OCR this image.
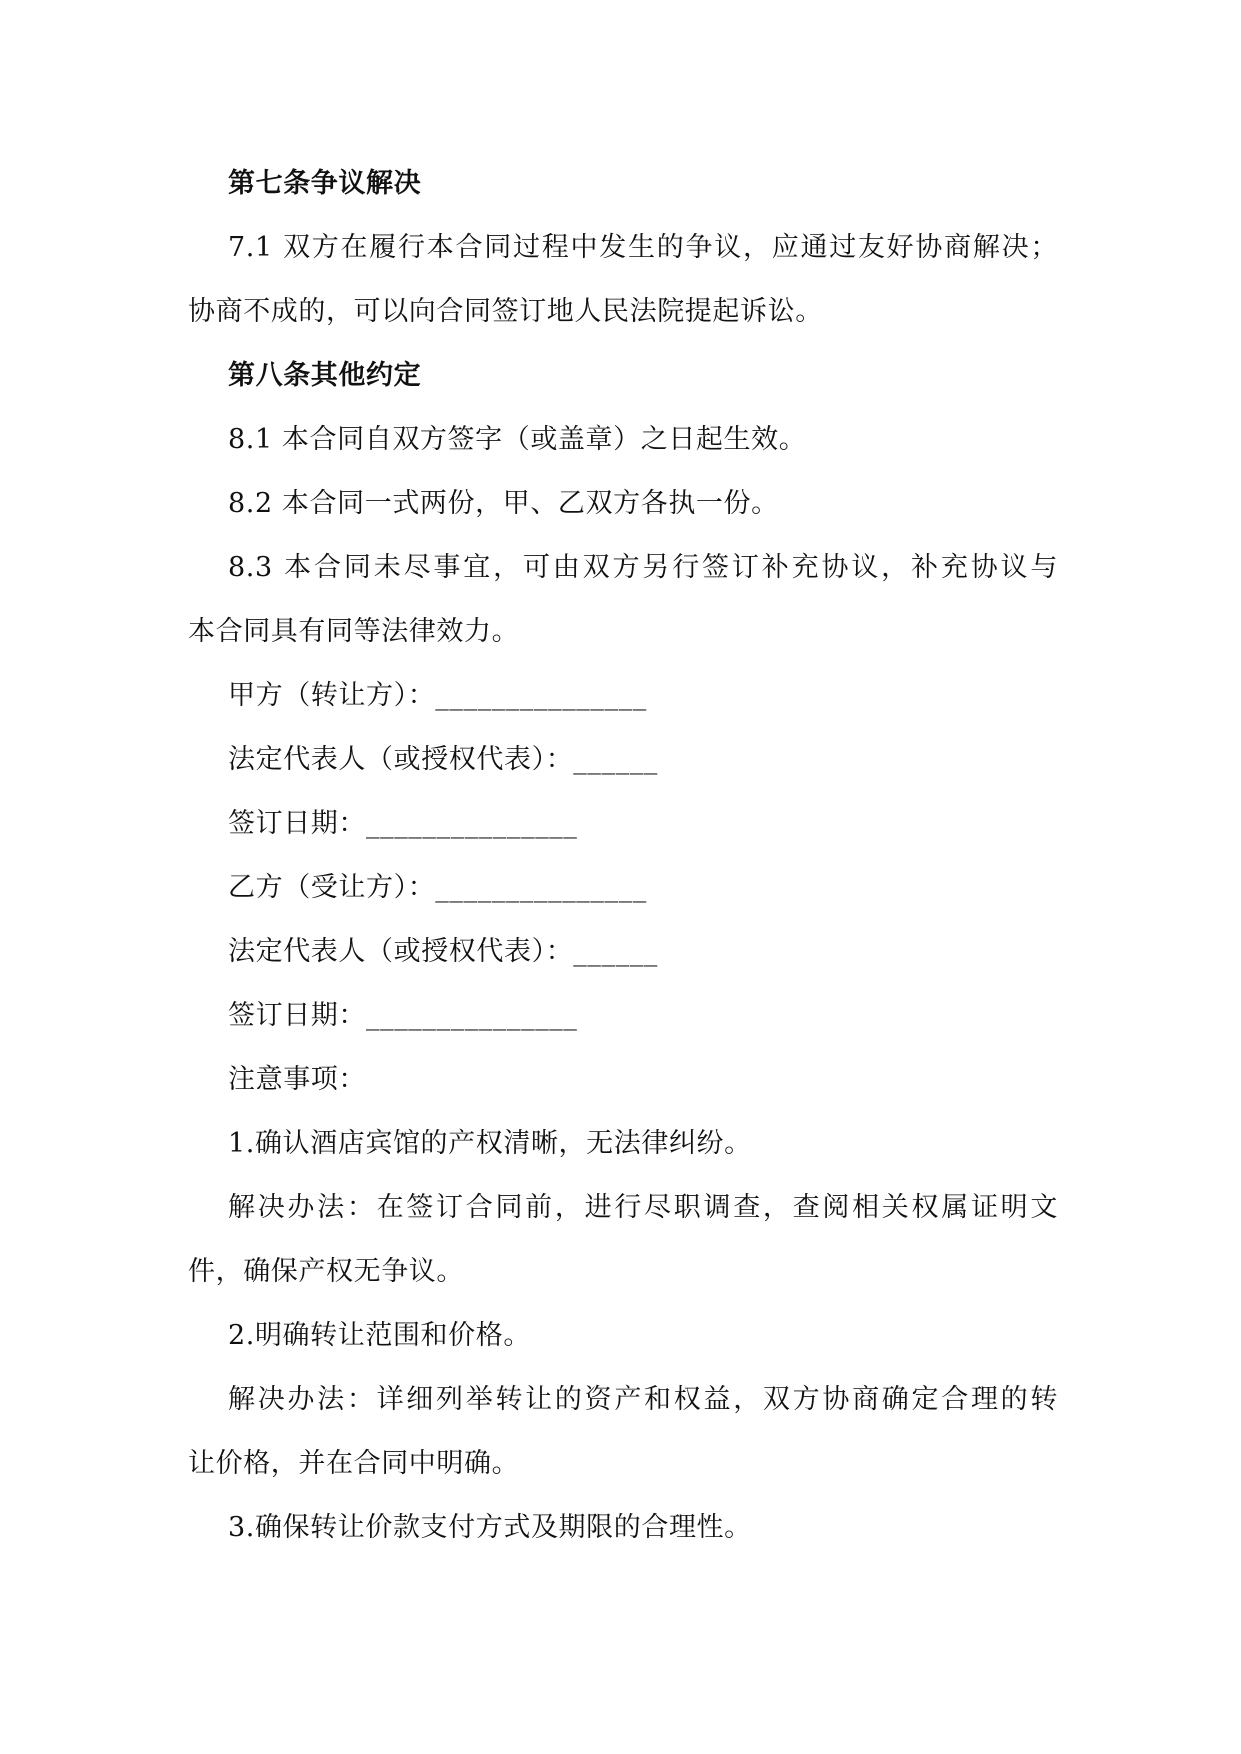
第七条争议解决
7.1 双方在履行本合同过程中发生的争议，应通过友好协商解决；
协商不成的，可以向合同签订地人民法院提起诉讼。
第八条其他约定
8.1 本合同自双方签字（或盖章）之日起生效。
8.2 本合同一式两份，甲、乙双方各执一份。
8.3 本合同未尽事宜，可由双方另行签订补充协议，补充协议与
本合同具有同等法律效力。
甲方（转让方）：_______________
法定代表人（或授权代表）：______
签订日期：_______________
乙方（受让方）：_______________
法定代表人（或授权代表）：______
签订日期：_______________
注意事项：
1.确认酒店宾馆的产权清晰，无法律纠纷。
解决办法：在签订合同前，进行尽职调查，查阅相关权属证明文
件，确保产权无争议。
2.明确转让范围和价格。
解决办法：详细列举转让的资产和权益，双方协商确定合理的转
让价格，并在合同中明确。
3.确保转让价款支付方式及期限的合理性。
